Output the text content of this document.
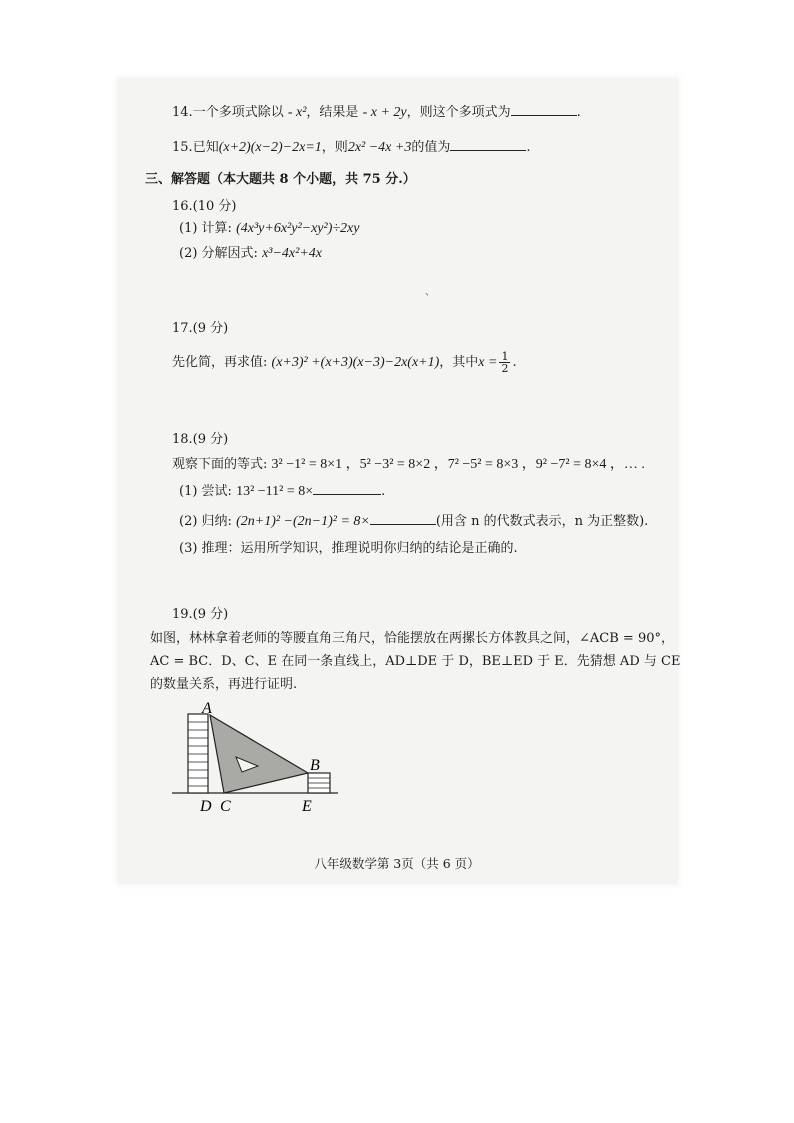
14.一个多项式除以 - x²，结果是 - x + 2y，则这个多项式为	.
15.已知(x+2)(x−2)−2x=1，则2x² −4x +3的值为	.
三、解答题（本大题共 8 个小题，共 75 分.）
16.(10 分)
(1) 计算: (4x³y+6x²y²−xy²)÷2xy
(2) 分解因式: x³−4x²+4x
、
17.(9 分)
先化简，再求值: (x+3)² +(x+3)(x−3)−2x(x+1)，其中$x = \frac{1}{2}$ .
18.(9 分)
观察下面的等式: 3² −1² = 8×1 ，5² −3² = 8×2 ，7² −5² = 8×3 ，9² −7² = 8×4 ，… .
(1) 尝试: 13² −11² = 8×	.
(2) 归纳: (2n+1)² −(2n−1)² = 8×	(用含 n 的代数式表示，n 为正整数).
(3) 推理：运用所学知识，推理说明你归纳的结论是正确的.
19.(9 分)
如图，林林拿着老师的等腰直角三角尺，恰能摆放在两摞长方体教具之间，∠ACB = 90°，
AC = BC．D、C、E 在同一条直线上，AD⊥DE 于 D，BE⊥ED 于 E．先猜想 AD 与 CE
的数量关系，再进行证明.
A
B
C
D	E
八年级数学第 3页（共 6 页）
